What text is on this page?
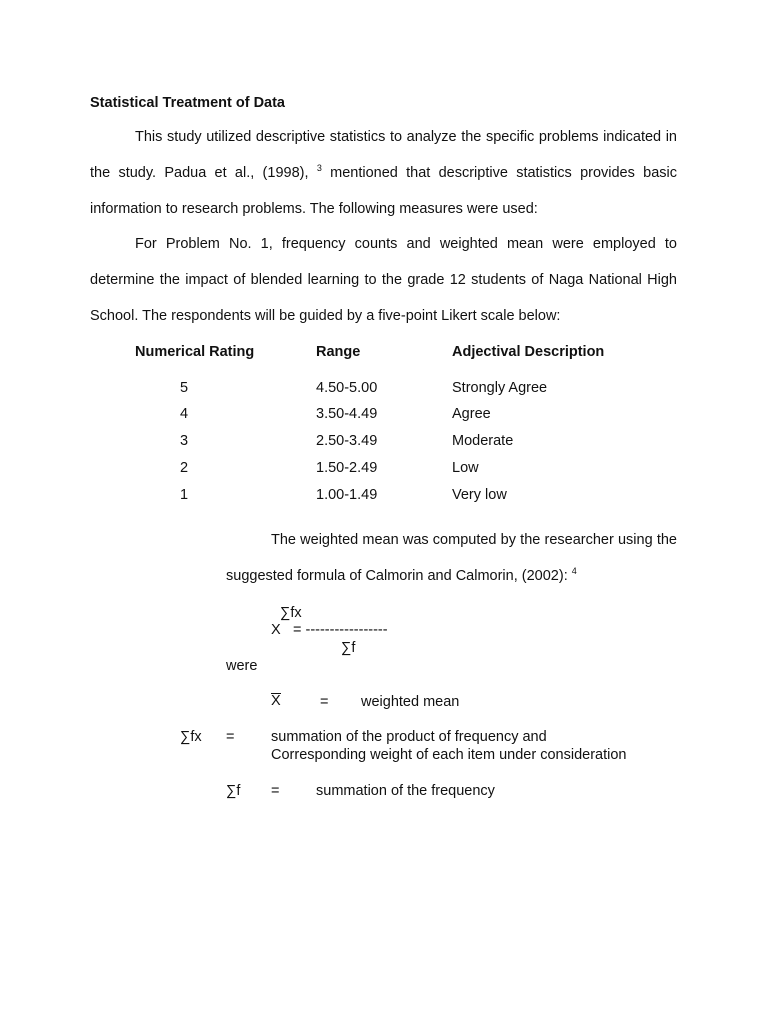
Statistical Treatment of Data

This study utilized descriptive statistics to analyze the specific problems indicated in the study. Padua et al., (1998), $^3$ mentioned that descriptive statistics provides basic information to research problems. The following measures were used:

For Problem No. 1, frequency counts and weighted mean were employed to determine the impact of blended learning to the grade 12 students of Naga National High School. The respondents will be guided by a five-point Likert scale below:

Numerical Rating	Range	Adjectival Description
5	4.50-5.00	Strongly Agree
4	3.50-4.49	Agree
3	2.50-3.49	Moderate
2	1.50-2.49	Low
1	1.00-1.49	Very low

The weighted mean was computed by the researcher using the suggested formula of Calmorin and Calmorin, (2002): $^4$

∑fx
X = -----------------
∑f
were
X	= weighted mean
∑fx =	summation of the product of frequency and
Corresponding weight of each item under consideration
∑f =	summation of the frequency
